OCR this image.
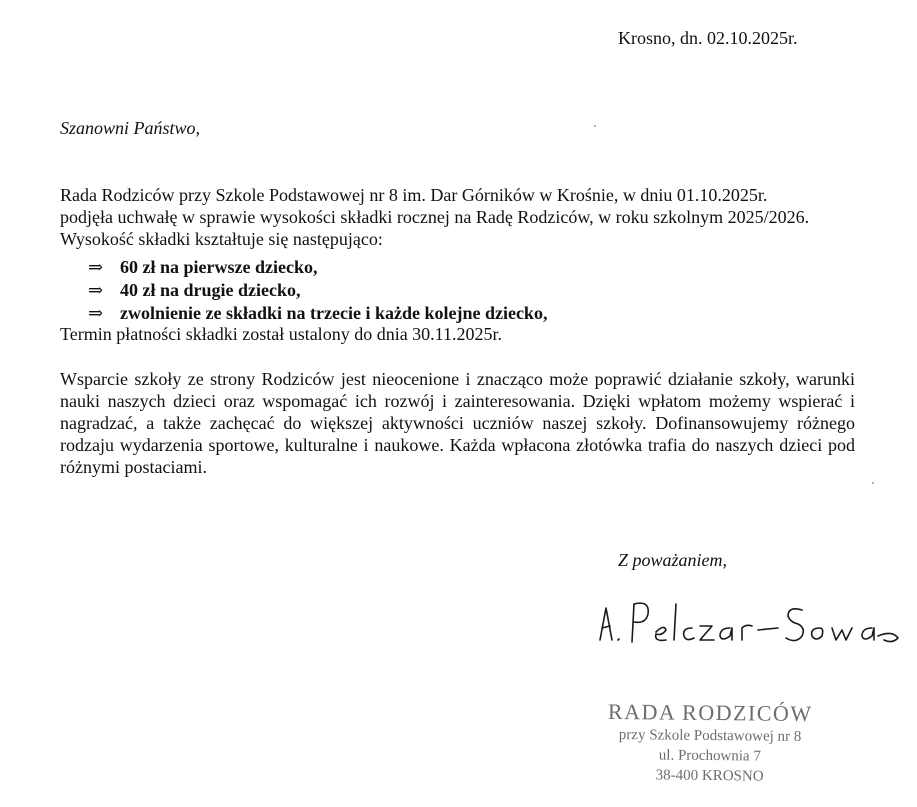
Krosno, dn. 02.10.2025r.
Szanowni Państwo,
Rada Rodziców przy Szkole Podstawowej nr 8 im. Dar Górników w Krośnie, w dniu 01.10.2025r.
podjęła uchwałę w sprawie wysokości składki rocznej na Radę Rodziców, w roku szkolnym 2025/2026.
Wysokość składki kształtuje się następująco:
⇒ 60 zł na pierwsze dziecko,
⇒ 40 zł na drugie dziecko,
⇒ zwolnienie ze składki na trzecie i każde kolejne dziecko,
Termin płatności składki został ustalony do dnia 30.11.2025r.
Wsparcie szkoły ze strony Rodziców jest nieocenione i znacząco może poprawić działanie szkoły, warunki nauki naszych dzieci oraz wspomagać ich rozwój i zainteresowania. Dzięki wpłatom możemy wspierać i nagradzać, a także zachęcać do większej aktywności uczniów naszej szkoły. Dofinansowujemy różnego rodzaju wydarzenia sportowe, kulturalne i naukowe. Każda wpłacona złotówka trafia do naszych dzieci pod różnymi postaciami.
Z poważaniem,
RADA RODZICÓW
przy Szkole Podstawowej nr 8
ul. Prochownia 7
38-400 KROSNO
